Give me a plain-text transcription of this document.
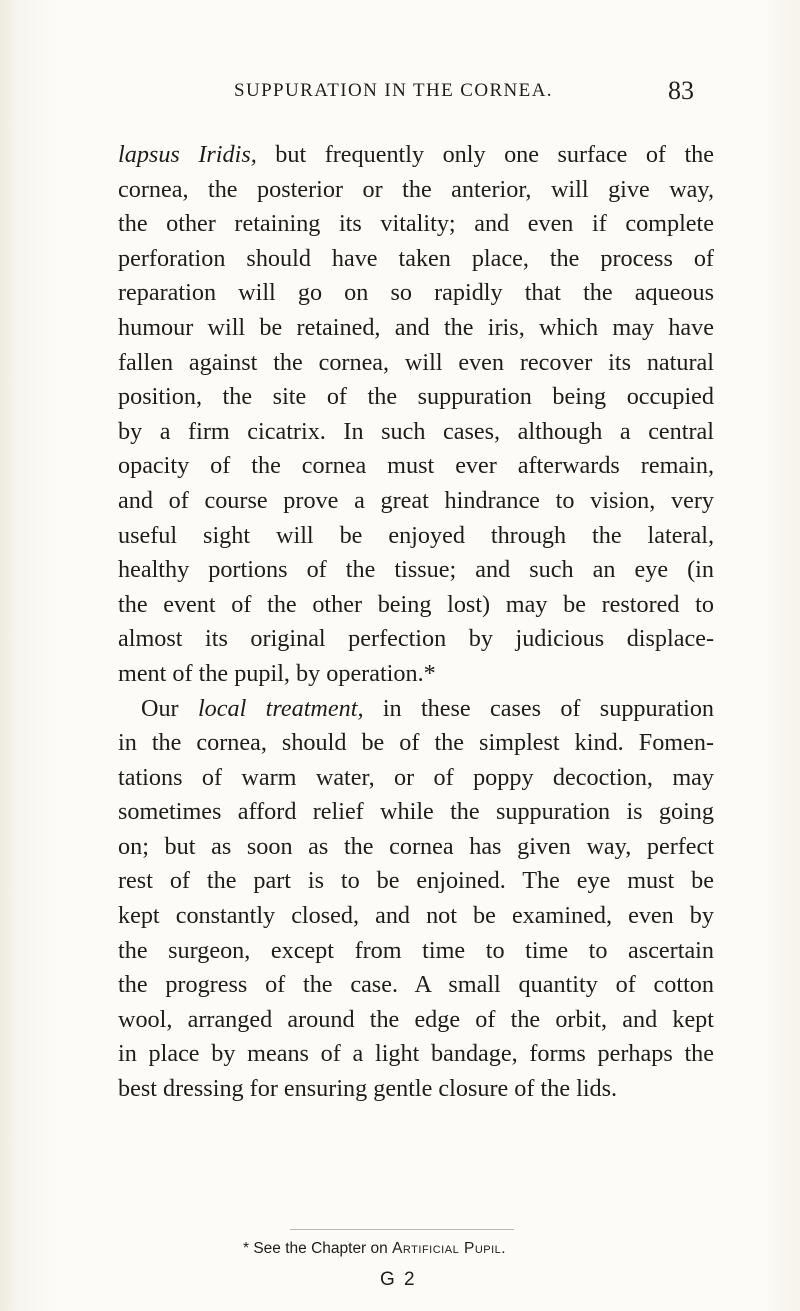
SUPPURATION IN THE CORNEA.	83
lapsus Iridis, but frequently only one surface of the
cornea, the posterior or the anterior, will give way,
the other retaining its vitality; and even if complete
perforation should have taken place, the process of
reparation will go on so rapidly that the aqueous
humour will be retained, and the iris, which may have
fallen against the cornea, will even recover its natural
position, the site of the suppuration being occupied
by a firm cicatrix. In such cases, although a central
opacity of the cornea must ever afterwards remain,
and of course prove a great hindrance to vision, very
useful sight will be enjoyed through the lateral,
healthy portions of the tissue; and such an eye (in
the event of the other being lost) may be restored to
almost its original perfection by judicious displace-
ment of the pupil, by operation.*
Our local treatment, in these cases of suppuration
in the cornea, should be of the simplest kind. Fomen-
tations of warm water, or of poppy decoction, may
sometimes afford relief while the suppuration is going
on; but as soon as the cornea has given way, perfect
rest of the part is to be enjoined. The eye must be
kept constantly closed, and not be examined, even by
the surgeon, except from time to time to ascertain
the progress of the case. A small quantity of cotton
wool, arranged around the edge of the orbit, and kept
in place by means of a light bandage, forms perhaps the
best dressing for ensuring gentle closure of the lids.
* See the Chapter on Artificial Pupil.
G 2
